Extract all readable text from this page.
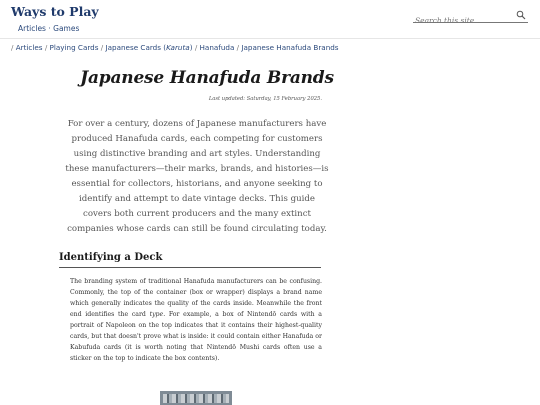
Ways to Play
Articles · Games
Search this site
/ Articles / Playing Cards / Japanese Cards (Karuta) / Hanafuda / Japanese Hanafuda Brands
Japanese Hanafuda Brands
Last updated: Saturday, 15 February 2025.

For over a century, dozens of Japanese manufacturers have produced Hanafuda cards, each competing for customers using distinctive branding and art styles. Understanding these manufacturers—their marks, brands, and histories—is essential for collectors, historians, and anyone seeking to identify and attempt to date vintage decks. This guide covers both current producers and the many extinct companies whose cards can still be found circulating today.

Identifying a Deck

The branding system of traditional Hanafuda manufacturers can be confusing. Commonly, the top of the container (box or wrapper) displays a brand name which generally indicates the quality of the cards inside. Meanwhile the front end identifies the card type. For example, a box of Nintendō cards with a portrait of Napoleon on the top indicates that it contains their highest-quality cards, but that doesn't prove what is inside: it could contain either Hanafuda or Kabufuda cards (it is worth noting that Nintendō Mushi cards often use a sticker on the top to indicate the box contents).
